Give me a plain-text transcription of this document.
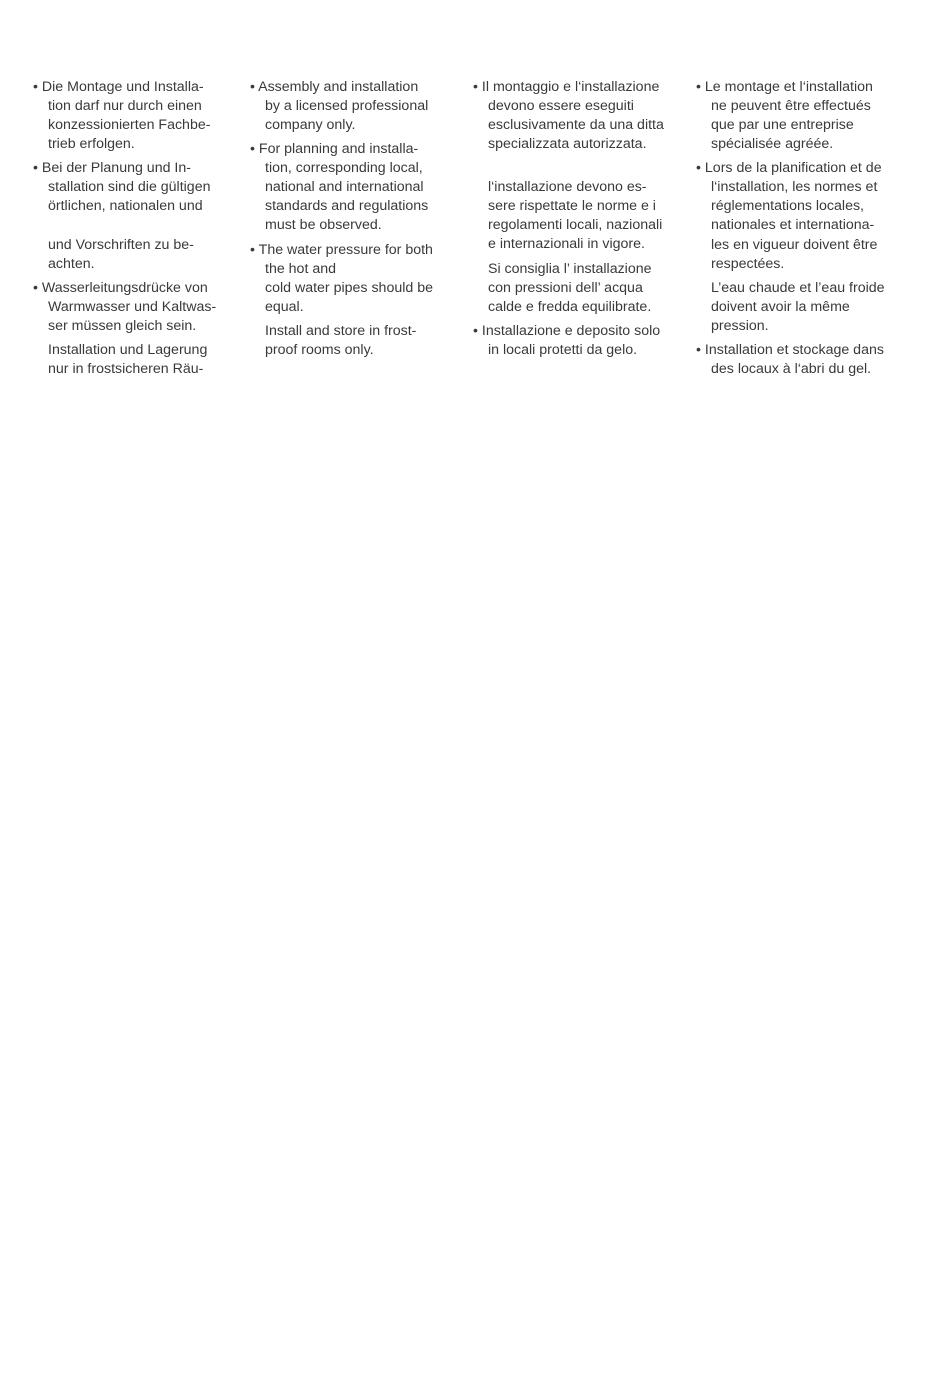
• Die Montage und Installa-
tion darf nur durch einen
konzessionierten Fachbe-
trieb erfolgen.
• Bei der Planung und In-
stallation sind die gültigen
örtlichen, nationalen und
und Vorschriften zu be-
achten.
• Wasserleitungsdrücke von
Warmwasser und Kaltwas-
ser müssen gleich sein.
Installation und Lagerung
nur in frostsicheren Räu-
• Assembly and installation
by a licensed professional
company only.
• For planning and installa-
tion, corresponding local,
national and international
standards and regulations
must be observed.
• The water pressure for both
the hot and
cold water pipes should be
equal.
Install and store in frost-
proof rooms only.
• Il montaggio e l‘installazione
devono essere eseguiti
esclusivamente da una ditta
specializzata autorizzata.
l‘installazione devono es-
sere rispettate le norme e i
regolamenti locali, nazionali
e internazionali in vigore.
Si consiglia l’ installazione
con pressioni dell’ acqua
calde e fredda equilibrate.
• Installazione e deposito solo
in locali protetti da gelo.
• Le montage et l‘installation
ne peuvent être effectués
que par une entreprise
spécialisée agréée.
• Lors de la planification et de
l‘installation, les normes et
réglementations locales,
nationales et internationa-
les en vigueur doivent être
respectées.
L’eau chaude et l’eau froide
doivent avoir la même
pression.
• Installation et stockage dans
des locaux à l‘abri du gel.
